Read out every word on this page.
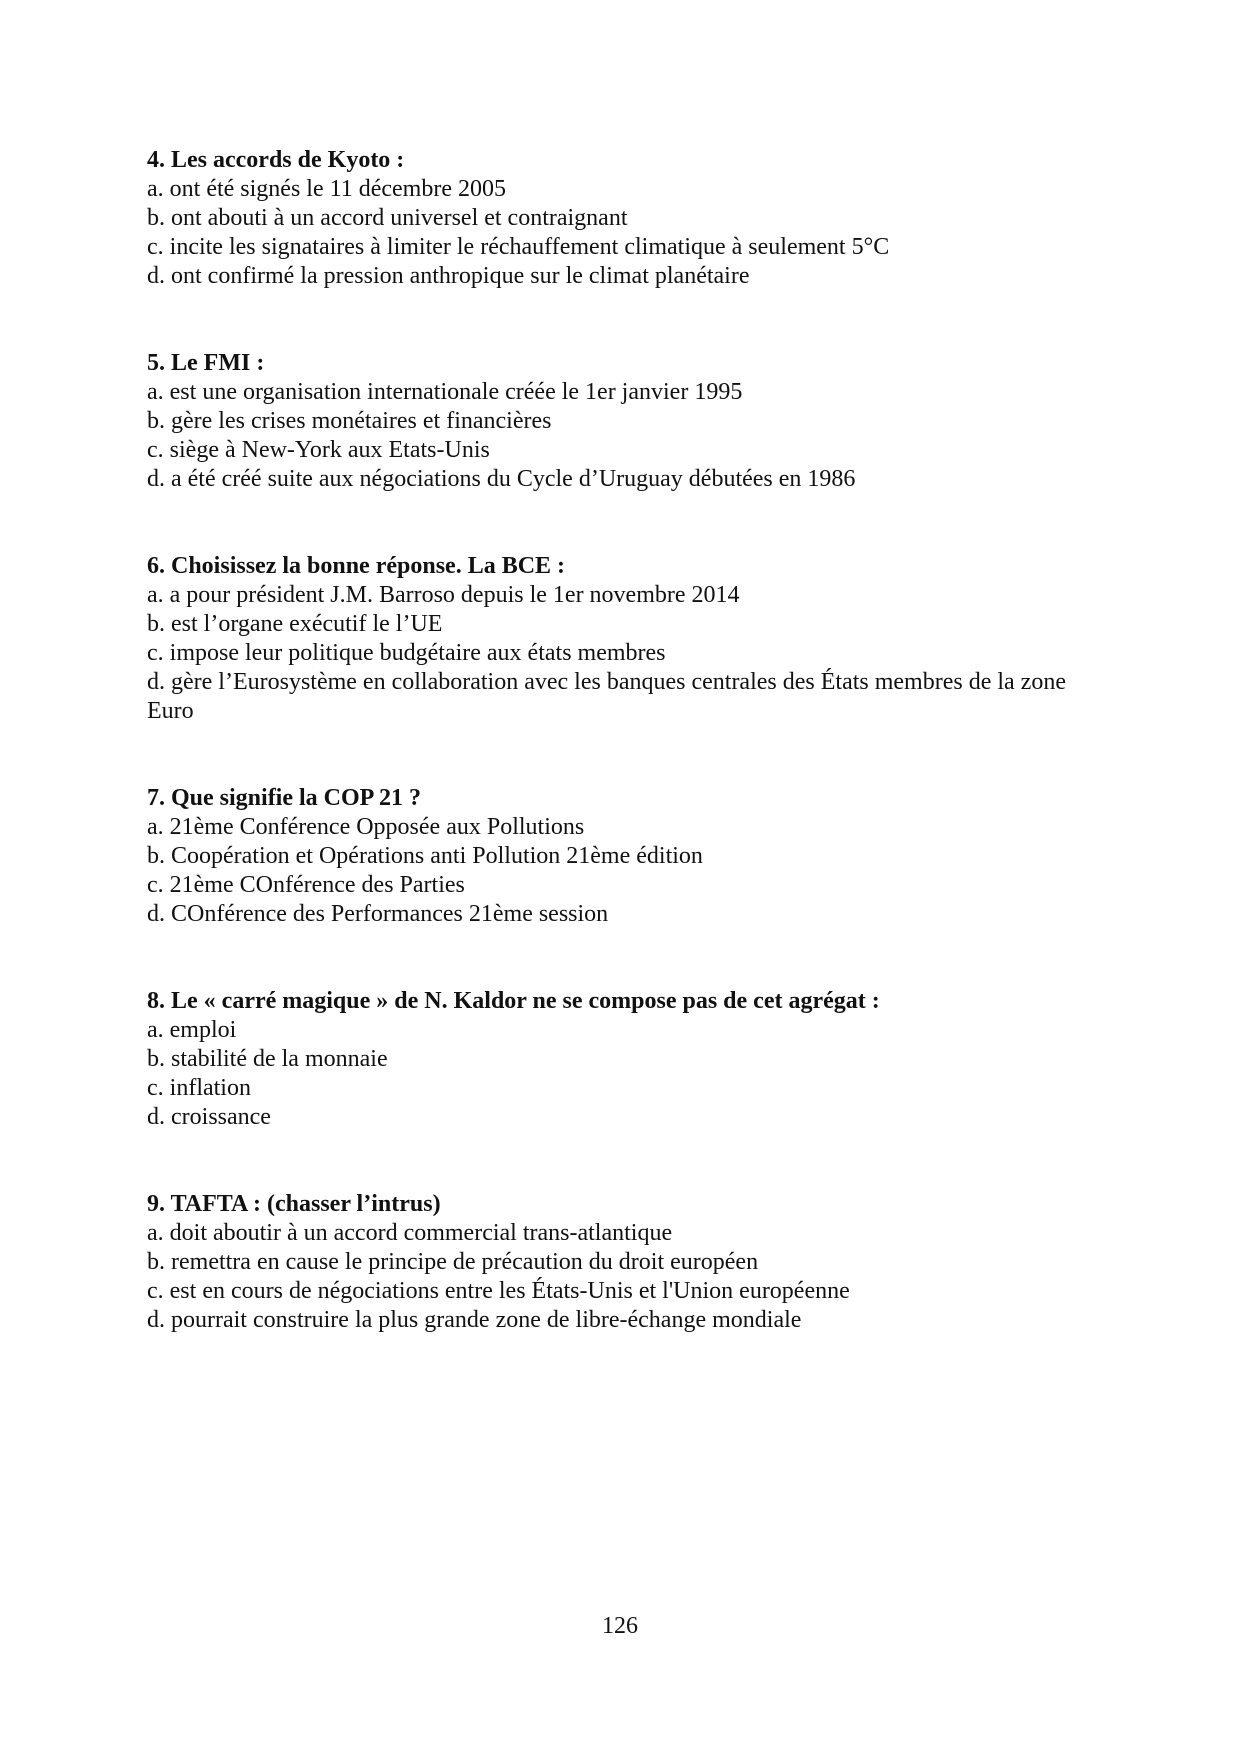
4. Les accords de Kyoto :

a. ont été signés le 11 décembre 2005

b. ont abouti à un accord universel et contraignant

c. incite les signataires à limiter le réchauffement climatique à seulement 5°C

d. ont confirmé la pression anthropique sur le climat planétaire

5. Le FMI :

a. est une organisation internationale créée le 1er janvier 1995

b. gère les crises monétaires et financières

c. siège à New-York aux Etats-Unis

d. a été créé suite aux négociations du Cycle d’Uruguay débutées en 1986

6. Choisissez la bonne réponse. La BCE :

a. a pour président J.M. Barroso depuis le 1er novembre 2014

b. est l’organe exécutif le l’UE

c. impose leur politique budgétaire aux états membres

d. gère l’Eurosystème en collaboration avec les banques centrales des États membres de la zone Euro

7. Que signifie la COP 21 ?

a. 21ème Conférence Opposée aux Pollutions

b. Coopération et Opérations anti Pollution 21ème édition

c. 21ème COnférence des Parties

d. COnférence des Performances 21ème session

8. Le « carré magique » de N. Kaldor ne se compose pas de cet agrégat :

a. emploi

b. stabilité de la monnaie

c. inflation

d. croissance

9. TAFTA : (chasser l’intrus)

a. doit aboutir à un accord commercial trans-atlantique

b. remettra en cause le principe de précaution du droit européen

c. est en cours de négociations entre les États-Unis et l'Union européenne

d. pourrait construire la plus grande zone de libre-échange mondiale

126
